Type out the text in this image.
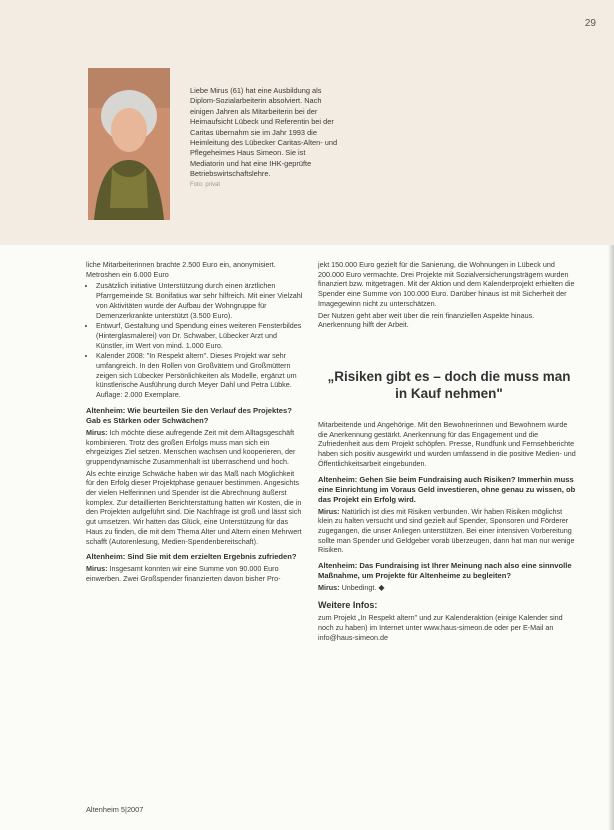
29
Liebe Mirus (61) hat eine Ausbildung als Diplom-Sozialarbeiterin absolviert. Nach einigen Jahren als Mitarbeiterin bei der Heimaufsicht Lübeck und Referentin bei der Caritas übernahm sie im Jahr 1993 die Heimleitung des Lübecker Caritas-Alten- und Pflegeheimes Haus Simeon. Sie ist Mediatorin und hat eine IHK-geprüfte Betriebswirtschaftslehre.
Foto: privat

liche Mitarbeiterinnen brachte 2.500 Euro ein, anonymisiert. Metroshen ein 6.000 Euro

• Zusätzlich initiative Unterstützung durch einen ärztlichen Pfarrgemeinde St. Bonifatius war sehr hilfreich. Mit einer Vielzahl von Aktivitäten wurde der Aufbau der Wohngruppe für Demenzerkrankte unterstützt (3.500 Euro).
• Entwurf, Gestaltung und Spendung eines weiteren Fensterbildes (Hinterglasmalerei) von Dr. Schwaber, Lübecker Arzt und Künstler, im Wert von mind. 1.000 Euro.
• Kalender 2008: "In Respekt altern". Dieses Projekt war sehr umfangreich. In den Rollen von Großvätern und Großmüttern zeigen sich Lübecker Persönlichkeiten als Modelle, ergänzt um künstlerische Ausführung durch Meyer Dahl und Petra Lübke. Auflage: 2.000 Exemplare.
Altenheim: Wie beurteilen Sie den Verlauf des Projektes? Gab es Stärken oder Schwächen?

Mirus: Ich möchte diese aufregende Zeit mit dem Alltagsgeschäft kombinieren. Trotz des großen Erfolgs muss man sich ein ehrgeiziges Ziel setzen. Menschen wachsen und kooperieren, der gruppendynamische Zusammenhalt ist überraschend und hoch.

Als echte einzige Schwäche haben wir das Maß nach Möglichkeit für den Erfolg dieser Projektphase genauer bestimmen. Angesichts der vielen Helferinnen und Spender ist die Abrechnung äußerst komplex. Zur detaillierten Berichterstattung hatten wir Kosten, die in den Projekten aufgeführt sind. Die Nachfrage ist groß und lässt sich gut umsetzen. Wir hatten das Glück, eine Unterstützung für das Haus zu finden, die mit dem Thema Alter und Altern einen Mehrwert schafft (Autorenlesung, Medien-Spendenbereitschaft).

Altenheim: Sind Sie mit dem erzielten Ergebnis zufrieden?

Mirus: Insgesamt konnten wir eine Summe von 90.000 Euro einwerben. Zwei Großspender finanzierten davon bisher Pro-

jekt 150.000 Euro gezielt für die Sanierung, die Wohnungen in Lübeck und 200.000 Euro vermachte. Drei Projekte mit Sozialversicherungsträgern wurden finanziert bzw. mitgetragen. Mit der Aktion und dem Kalenderprojekt erhielten die Spender eine Summe von 100.000 Euro. Darüber hinaus ist mit Sicherheit der Imagegewinn nicht zu unterschätzen.

Der Nutzen geht aber weit über die rein finanziellen Aspekte hinaus. Anerkennung hilft der Arbeit.

„Risiken gibt es – doch die muss man in Kauf nehmen"

Mitarbeitende und Angehörige. Mit den Bewohnerinnen und Bewohnern wurde die Anerkennung gestärkt. Anerkennung für das Engagement und die Zufriedenheit aus dem Projekt schöpfen. Presse, Rundfunk und Fernsehberichte haben sich positiv ausgewirkt und wurden umfassend in die positive Medien- und Öffentlichkeitsarbeit eingebunden.

Altenheim: Gehen Sie beim Fundraising auch Risiken? Immerhin muss eine Einrichtung im Voraus Geld investieren, ohne genau zu wissen, ob das Projekt ein Erfolg wird.

Mirus: Natürlich ist dies mit Risiken verbunden. Wir haben Risiken möglichst klein zu halten versucht und sind gezielt auf Spender, Sponsoren und Förderer zugegangen, die unser Anliegen unterstützen. Bei einer intensiven Vorbereitung sollte man Spender und Geldgeber vorab überzeugen, dann hat man nur wenige Risiken.

Altenheim: Das Fundraising ist Ihrer Meinung nach also eine sinnvolle Maßnahme, um Projekte für Altenheime zu begleiten?

Mirus: Unbedingt. ◆

Weitere Infos:

zum Projekt „In Respekt altern" und zur Kalenderaktion (einige Kalender sind noch zu haben) im Internet unter www.haus-simeon.de oder per E-Mail an info@haus-simeon.de

Altenheim 5|2007
